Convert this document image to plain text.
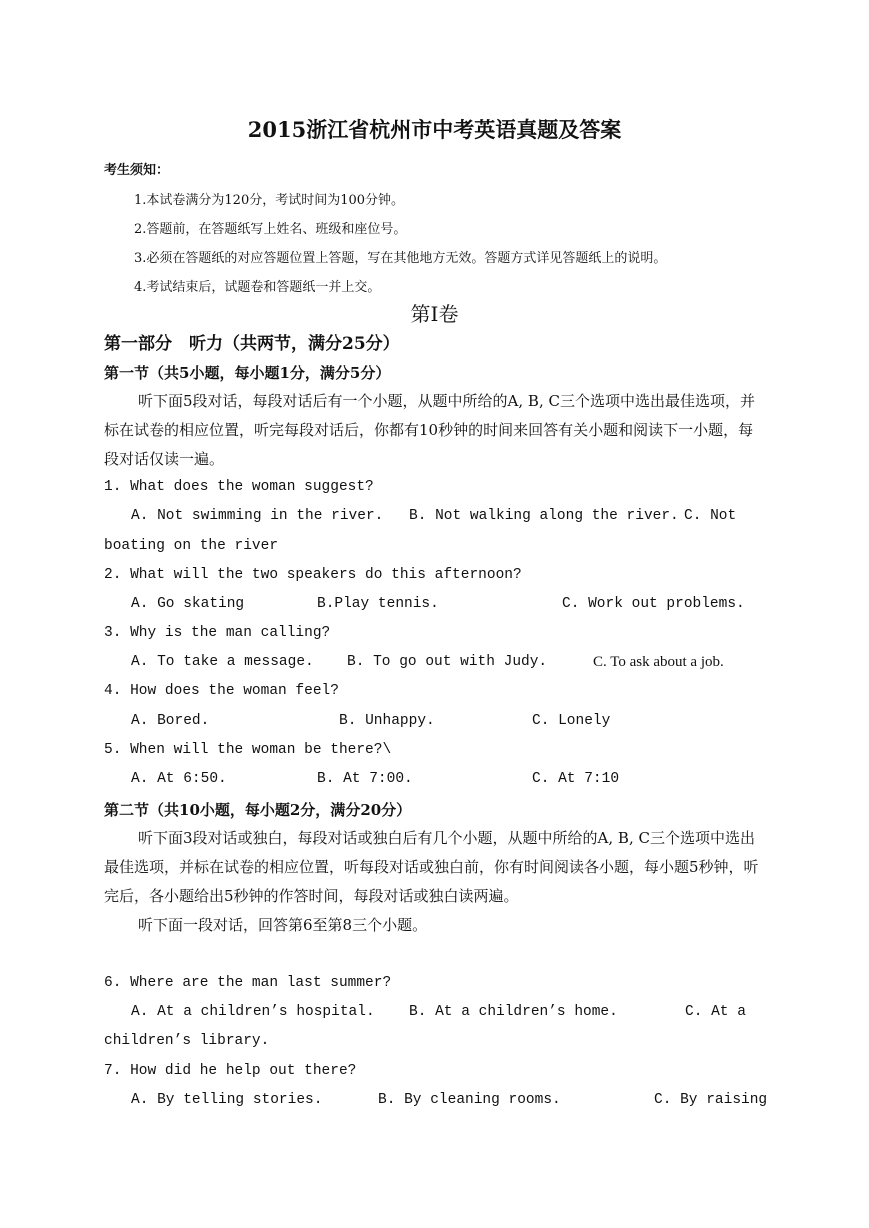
2015浙江省杭州市中考英语真题及答案
考生须知：
1.本试卷满分为120分，考试时间为100分钟。
2.答题前，在答题纸写上姓名、班级和座位号。
3.必须在答题纸的对应答题位置上答题，写在其他地方无效。答题方式详见答题纸上的说明。
4.考试结束后，试题卷和答题纸一并上交。
第Ⅰ卷
第一部分　听力（共两节，满分25分）
第一节（共5小题，每小题1分，满分5分）

听下面5段对话，每段对话后有一个小题，从题中所给的A, B, C三个选项中选出最佳选项，并标在试卷的相应位置，听完每段对话后，你都有10秒钟的时间来回答有关小题和阅读下一小题，每段对话仅读一遍。

1. What does the woman suggest?
A. Not swimming in the river. B. Not walking along the river. C. Not
boating on the river
2. What will the two speakers do this afternoon?
A. Go skating	B.Play tennis.	C. Work out problems.
3. Why is the man calling?
A. To take a message. B. To go out with Judy.	C. To ask about a job.
4. How does the woman feel?
A. Bored.	B. Unhappy.	C. Lonely
5. When will the woman be there?\
A. At 6:50.	B. At 7:00.	C. At 7:10
第二节（共10小题，每小题2分，满分20分）

听下面3段对话或独白，每段对话或独白后有几个小题，从题中所给的A, B, C三个选项中选出最佳选项，并标在试卷的相应位置，听每段对话或独白前，你有时间阅读各小题，每小题5秒钟，听完后，各小题给出5秒钟的作答时间，每段对话或独白读两遍。

听下面一段对话，回答第6至第8三个小题。

6. Where are the man last summer?
A. At a children’s hospital. B. At a children’s home.	C. At a
children’s library.
7. How did he help out there?
A. By telling stories.	B. By cleaning rooms.	C. By raising
